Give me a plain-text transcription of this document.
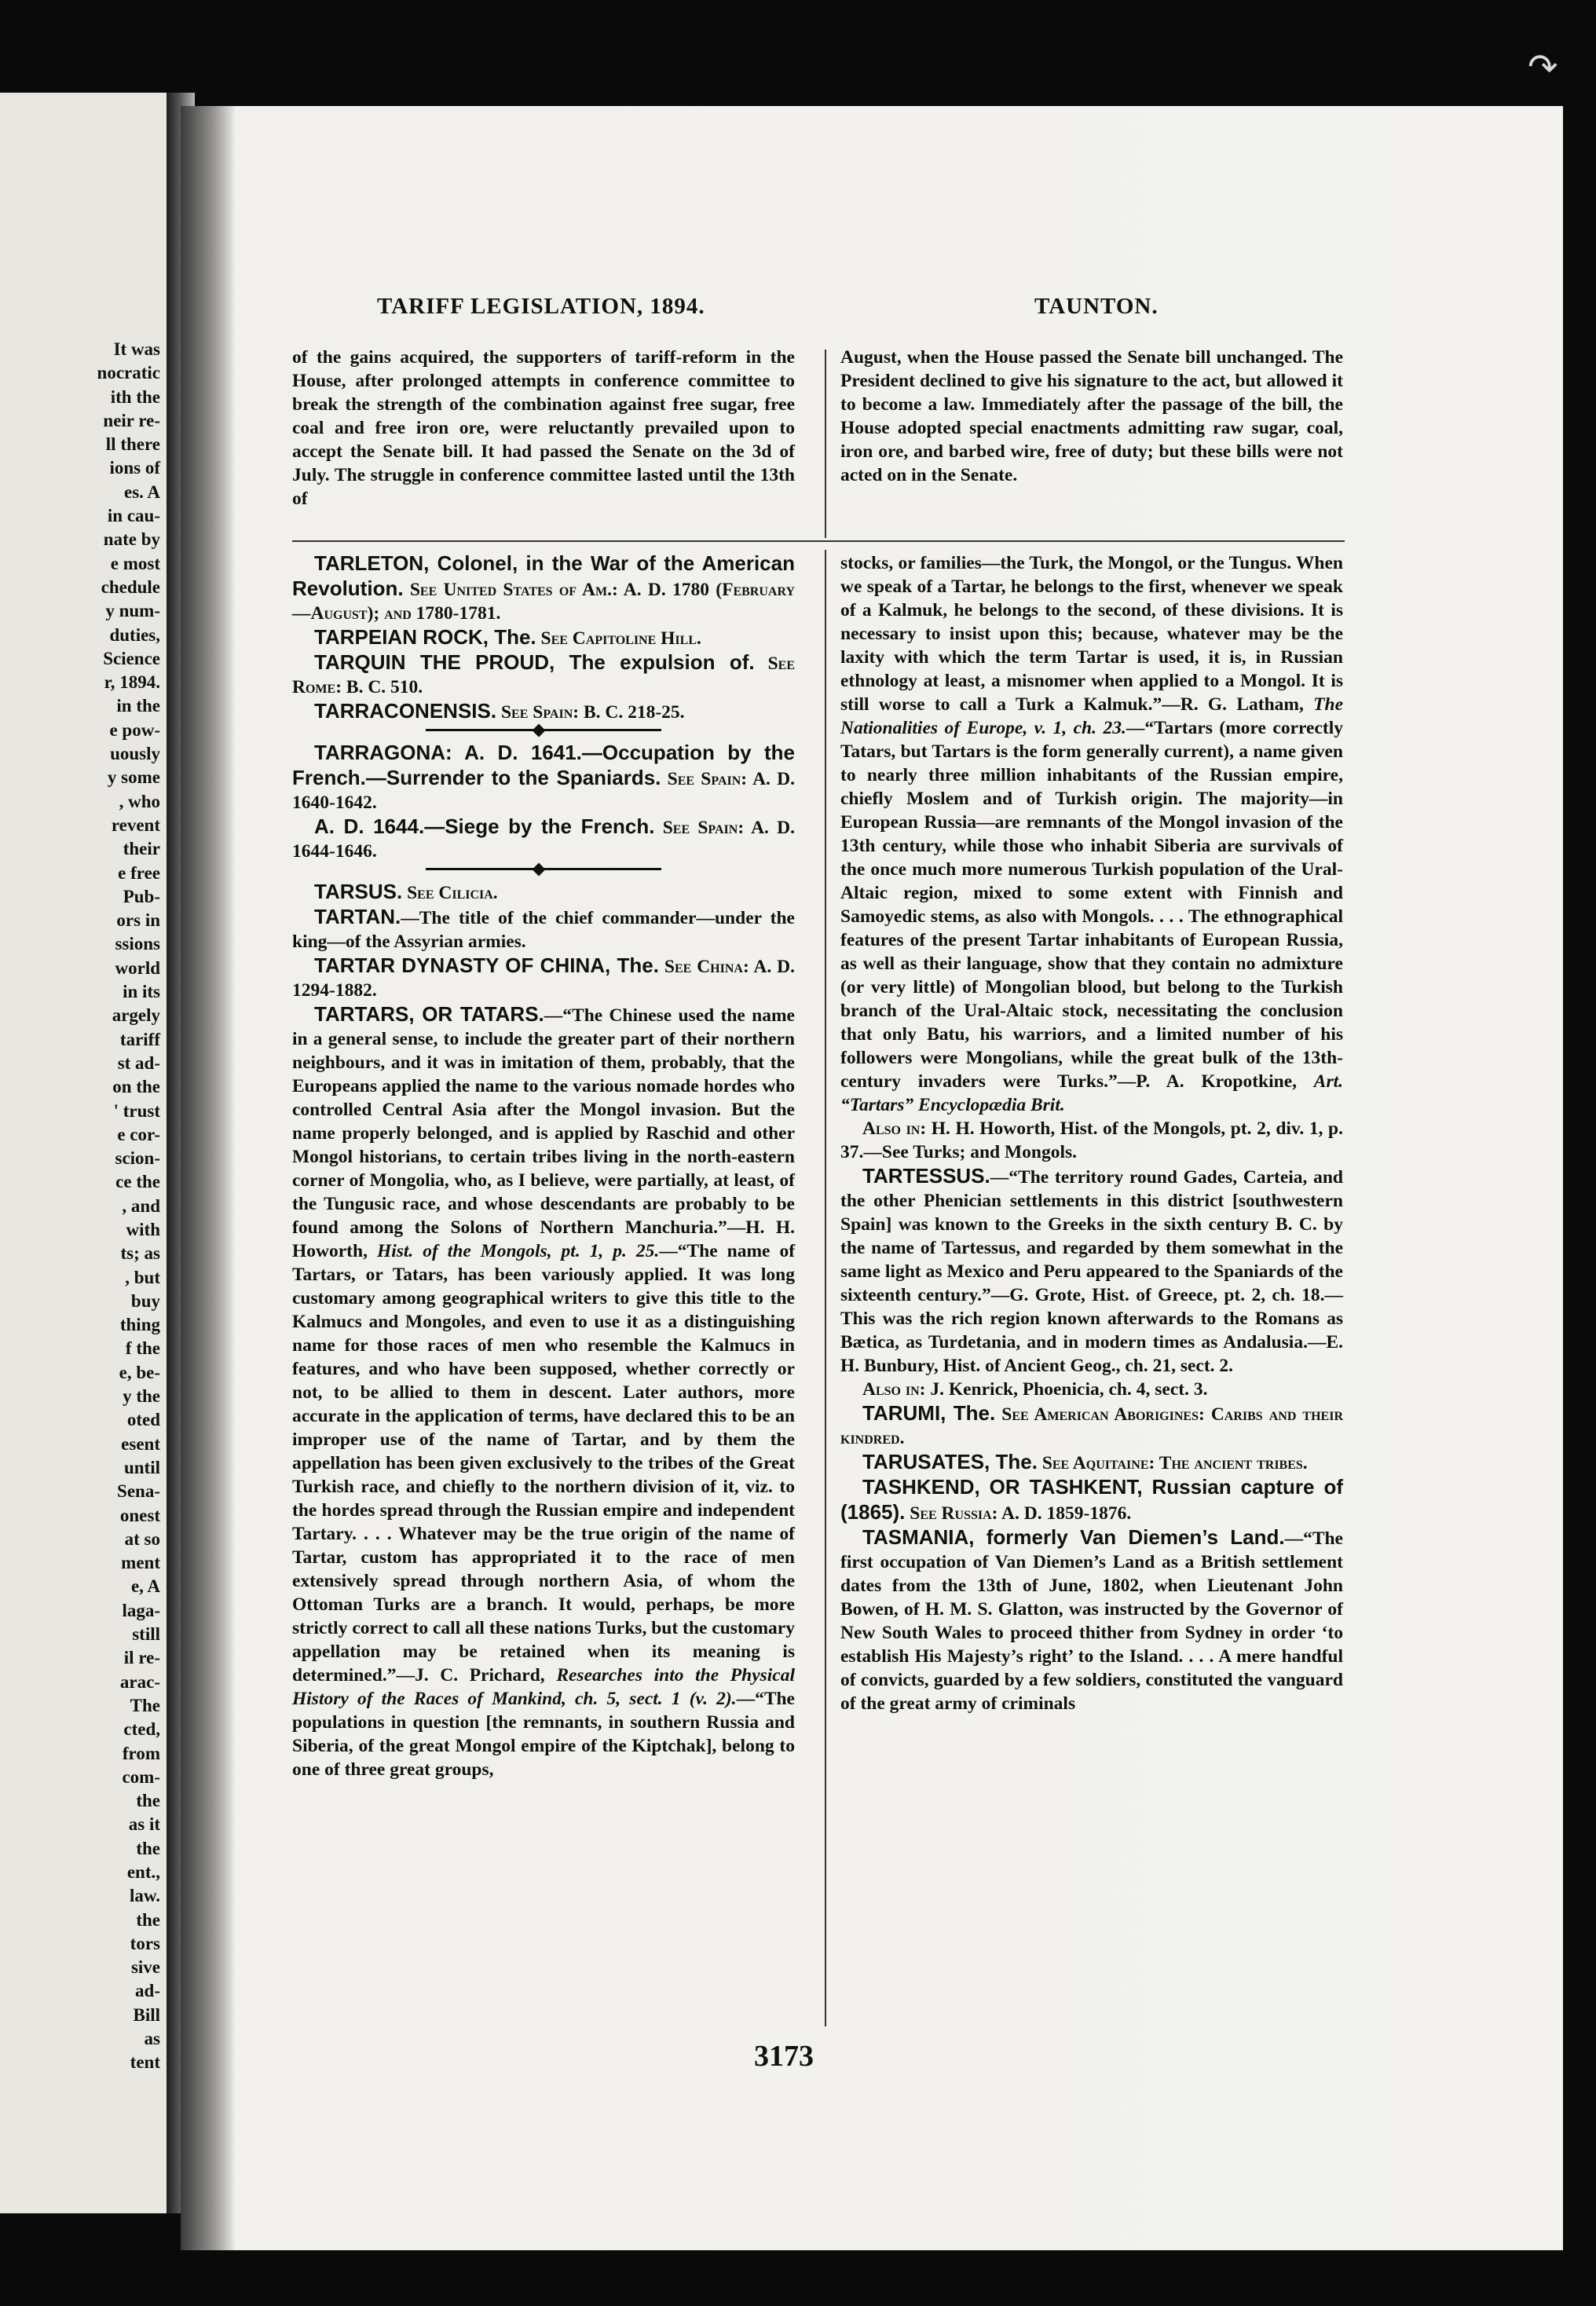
↷
It was
nocratic
ith the
neir re-
ll there
ions of
es. A
in cau-
nate by
e most
chedule
y num-
duties,
Science
r, 1894.
in the
e pow-
uously
y some
, who
revent
their
e free
Pub-
ors in
ssions
world
in its
argely
tariff
st ad-
on the
' trust
e cor-
scion-
ce the
, and
with
ts; as
, but
buy
thing
f the
e, be-
y the
oted
esent
until
Sena-
onest
at so
ment
e, A
laga-
still
il re-
arac-
The
cted,
from
com-
the
as it
the
ent.,
law.
the
tors
sive
ad-
Bill
as
tent
TARIFF LEGISLATION, 1894.	TAUNTON.

of the gains acquired, the supporters of tariff-reform in the House, after prolonged attempts in conference committee to break the strength of the combination against free sugar, free coal and free iron ore, were reluctantly prevailed upon to accept the Senate bill. It had passed the Senate on the 3d of July. The struggle in conference committee lasted until the 13th of

August, when the House passed the Senate bill unchanged. The President declined to give his signature to the act, but allowed it to become a law. Immediately after the passage of the bill, the House adopted special enactments admitting raw sugar, coal, iron ore, and barbed wire, free of duty; but these bills were not acted on in the Senate.

TARLETON, Colonel, in the War of the American Revolution. See United States of Am.: A. D. 1780 (February—August); and 1780-1781.

TARPEIAN ROCK, The. See Capitoline Hill.

TARQUIN THE PROUD, The expulsion of. See Rome: B. C. 510.

TARRACONENSIS. See Spain: B. C. 218-25.

TARRAGONA: A. D. 1641.—Occupation by the French.—Surrender to the Spaniards. See Spain: A. D. 1640-1642.

A. D. 1644.—Siege by the French. See Spain: A. D. 1644-1646.

TARSUS. See Cilicia.

TARTAN.—The title of the chief commander—under the king—of the Assyrian armies.

TARTAR DYNASTY OF CHINA, The. See China: A. D. 1294-1882.

TARTARS, OR TATARS.—“The Chinese used the name in a general sense, to include the greater part of their northern neighbours, and it was in imitation of them, probably, that the Europeans applied the name to the various nomade hordes who controlled Central Asia after the Mongol invasion. But the name properly belonged, and is applied by Raschid and other Mongol historians, to certain tribes living in the north-eastern corner of Mongolia, who, as I believe, were partially, at least, of the Tungusic race, and whose descendants are probably to be found among the Solons of Northern Manchuria.”—H. H. Howorth, Hist. of the Mongols, pt. 1, p. 25.—“The name of Tartars, or Tatars, has been variously applied. It was long customary among geographical writers to give this title to the Kalmucs and Mongoles, and even to use it as a distinguishing name for those races of men who resemble the Kalmucs in features, and who have been supposed, whether correctly or not, to be allied to them in descent. Later authors, more accurate in the application of terms, have declared this to be an improper use of the name of Tartar, and by them the appellation has been given exclusively to the tribes of the Great Turkish race, and chiefly to the northern division of it, viz. to the hordes spread through the Russian empire and independent Tartary. . . . Whatever may be the true origin of the name of Tartar, custom has appropriated it to the race of men extensively spread through northern Asia, of whom the Ottoman Turks are a branch. It would, perhaps, be more strictly correct to call all these nations Turks, but the customary appellation may be retained when its meaning is determined.”—J. C. Prichard, Researches into the Physical History of the Races of Mankind, ch. 5, sect. 1 (v. 2).—“The populations in question [the remnants, in southern Russia and Siberia, of the great Mongol empire of the Kiptchak], belong to one of three great groups,

stocks, or families—the Turk, the Mongol, or the Tungus. When we speak of a Tartar, he belongs to the first, whenever we speak of a Kalmuk, he belongs to the second, of these divisions. It is necessary to insist upon this; because, whatever may be the laxity with which the term Tartar is used, it is, in Russian ethnology at least, a misnomer when applied to a Mongol. It is still worse to call a Turk a Kalmuk.”—R. G. Latham, The Nationalities of Europe, v. 1, ch. 23.—“Tartars (more correctly Tatars, but Tartars is the form generally current), a name given to nearly three million inhabitants of the Russian empire, chiefly Moslem and of Turkish origin. The majority—in European Russia—are remnants of the Mongol invasion of the 13th century, while those who inhabit Siberia are survivals of the once much more numerous Turkish population of the Ural-Altaic region, mixed to some extent with Finnish and Samoyedic stems, as also with Mongols. . . . The ethnographical features of the present Tartar inhabitants of European Russia, as well as their language, show that they contain no admixture (or very little) of Mongolian blood, but belong to the Turkish branch of the Ural-Altaic stock, necessitating the conclusion that only Batu, his warriors, and a limited number of his followers were Mongolians, while the great bulk of the 13th-century invaders were Turks.”—P. A. Kropotkine, Art. “Tartars” Encyclopædia Brit.

Also in: H. H. Howorth, Hist. of the Mongols, pt. 2, div. 1, p. 37.—See Turks; and Mongols.

TARTESSUS.—“The territory round Gades, Carteia, and the other Phenician settlements in this district [southwestern Spain] was known to the Greeks in the sixth century B. C. by the name of Tartessus, and regarded by them somewhat in the same light as Mexico and Peru appeared to the Spaniards of the sixteenth century.”—G. Grote, Hist. of Greece, pt. 2, ch. 18.—This was the rich region known afterwards to the Romans as Bætica, as Turdetania, and in modern times as Andalusia.—E. H. Bunbury, Hist. of Ancient Geog., ch. 21, sect. 2.

Also in: J. Kenrick, Phoenicia, ch. 4, sect. 3.

TARUMI, The. See American Aborigines: Caribs and their kindred.

TARUSATES, The. See Aquitaine: The ancient tribes.

TASHKEND, OR TASHKENT, Russian capture of (1865). See Russia: A. D. 1859-1876.

TASMANIA, formerly Van Diemen’s Land.—“The first occupation of Van Diemen’s Land as a British settlement dates from the 13th of June, 1802, when Lieutenant John Bowen, of H. M. S. Glatton, was instructed by the Governor of New South Wales to proceed thither from Sydney in order ‘to establish His Majesty’s right’ to the Island. . . . A mere handful of convicts, guarded by a few soldiers, constituted the vanguard of the great army of criminals

3173
